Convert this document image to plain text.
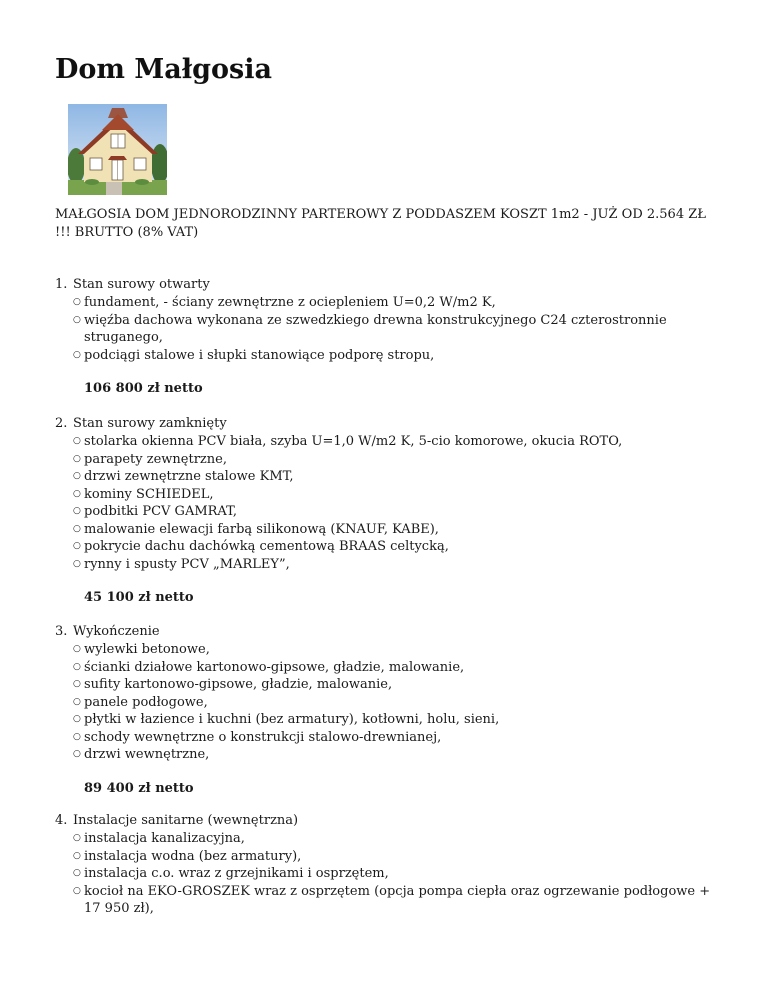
Dom Małgosia

MAŁGOSIA DOM JEDNORODZINNY PARTEROWY Z PODDASZEM KOSZT 1m2 - JUŻ OD 2.564 ZŁ !!! BRUTTO (8% VAT)

1. Stan surowy otwarty
○ fundament, - ściany zewnętrzne z ociepleniem U=0,2 W/m2 K,
○ więźba dachowa wykonana ze szwedzkiego drewna konstrukcyjnego C24 czterostronnie struganego,
○ podciągi stalowe i słupki stanowiące podporę stropu,
106 800 zł netto
2. Stan surowy zamknięty
○ stolarka okienna PCV biała, szyba U=1,0 W/m2 K, 5-cio komorowe, okucia ROTO,
○ parapety zewnętrzne,
○ drzwi zewnętrzne stalowe KMT,
○ kominy SCHIEDEL,
○ podbitki PCV GAMRAT,
○ malowanie elewacji farbą silikonową (KNAUF, KABE),
○ pokrycie dachu dachówką cementową BRAAS celtycką,
○ rynny i spusty PCV „MARLEY”,
45 100 zł netto
3. Wykończenie
○ wylewki betonowe,
○ ścianki działowe kartonowo-gipsowe, gładzie, malowanie,
○ sufity kartonowo-gipsowe, gładzie, malowanie,
○ panele podłogowe,
○ płytki w łazience i kuchni (bez armatury), kotłowni, holu, sieni,
○ schody wewnętrzne o konstrukcji stalowo-drewnianej,
○ drzwi wewnętrzne,
89 400 zł netto
4. Instalacje sanitarne (wewnętrzna)
○ instalacja kanalizacyjna,
○ instalacja wodna (bez armatury),
○ instalacja c.o. wraz z grzejnikami i osprzętem,
○ kocioł na EKO-GROSZEK wraz z osprzętem (opcja pompa ciepła oraz ogrzewanie podłogowe + 17 950 zł),
